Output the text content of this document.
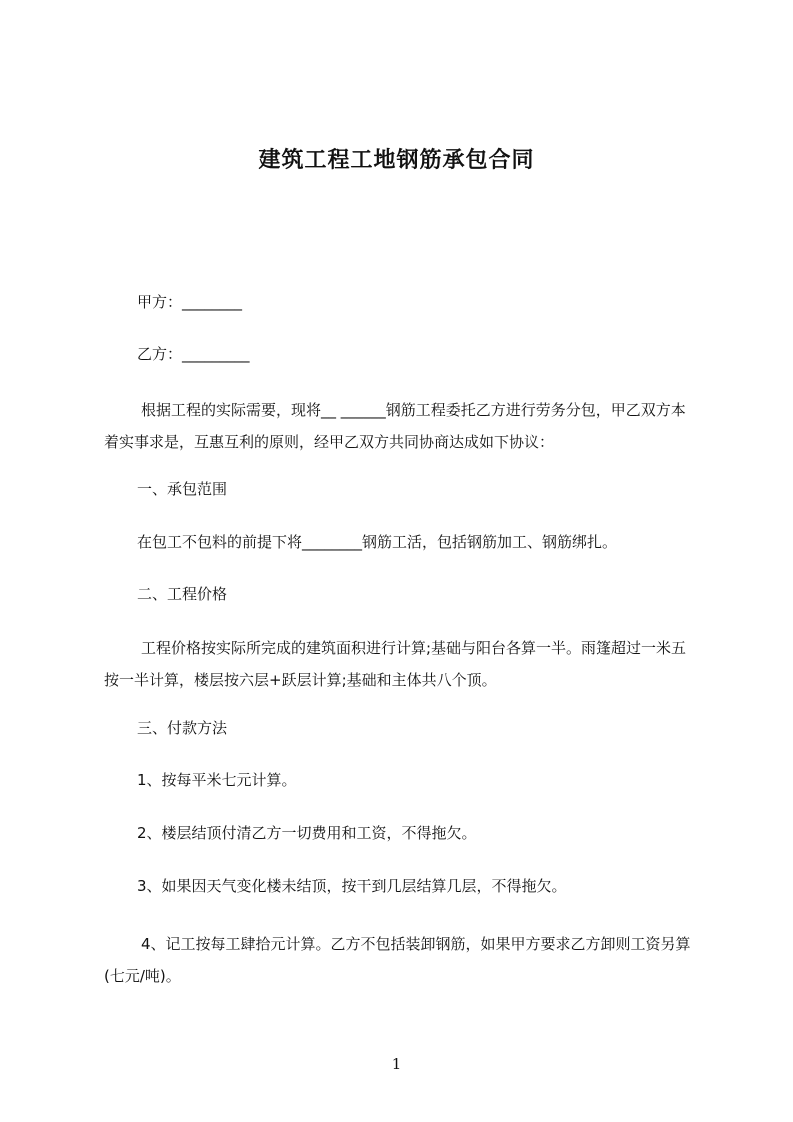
建筑工程工地钢筋承包合同
甲方：________
乙方：_________
根据工程的实际需要，现将__ ______钢筋工程委托乙方进行劳务分包，甲乙双方本着实事求是，互惠互利的原则，经甲乙双方共同协商达成如下协议：
一、承包范围
在包工不包料的前提下将________钢筋工活，包括钢筋加工、钢筋绑扎。
二、工程价格
工程价格按实际所完成的建筑面积进行计算;基础与阳台各算一半。雨篷超过一米五按一半计算，楼层按六层+跃层计算;基础和主体共八个顶。
三、付款方法
1、按每平米七元计算。
2、楼层结顶付清乙方一切费用和工资，不得拖欠。
3、如果因天气变化楼未结顶，按干到几层结算几层，不得拖欠。
4、记工按每工肆拾元计算。乙方不包括装卸钢筋，如果甲方要求乙方卸则工资另算(七元/吨)。
1
